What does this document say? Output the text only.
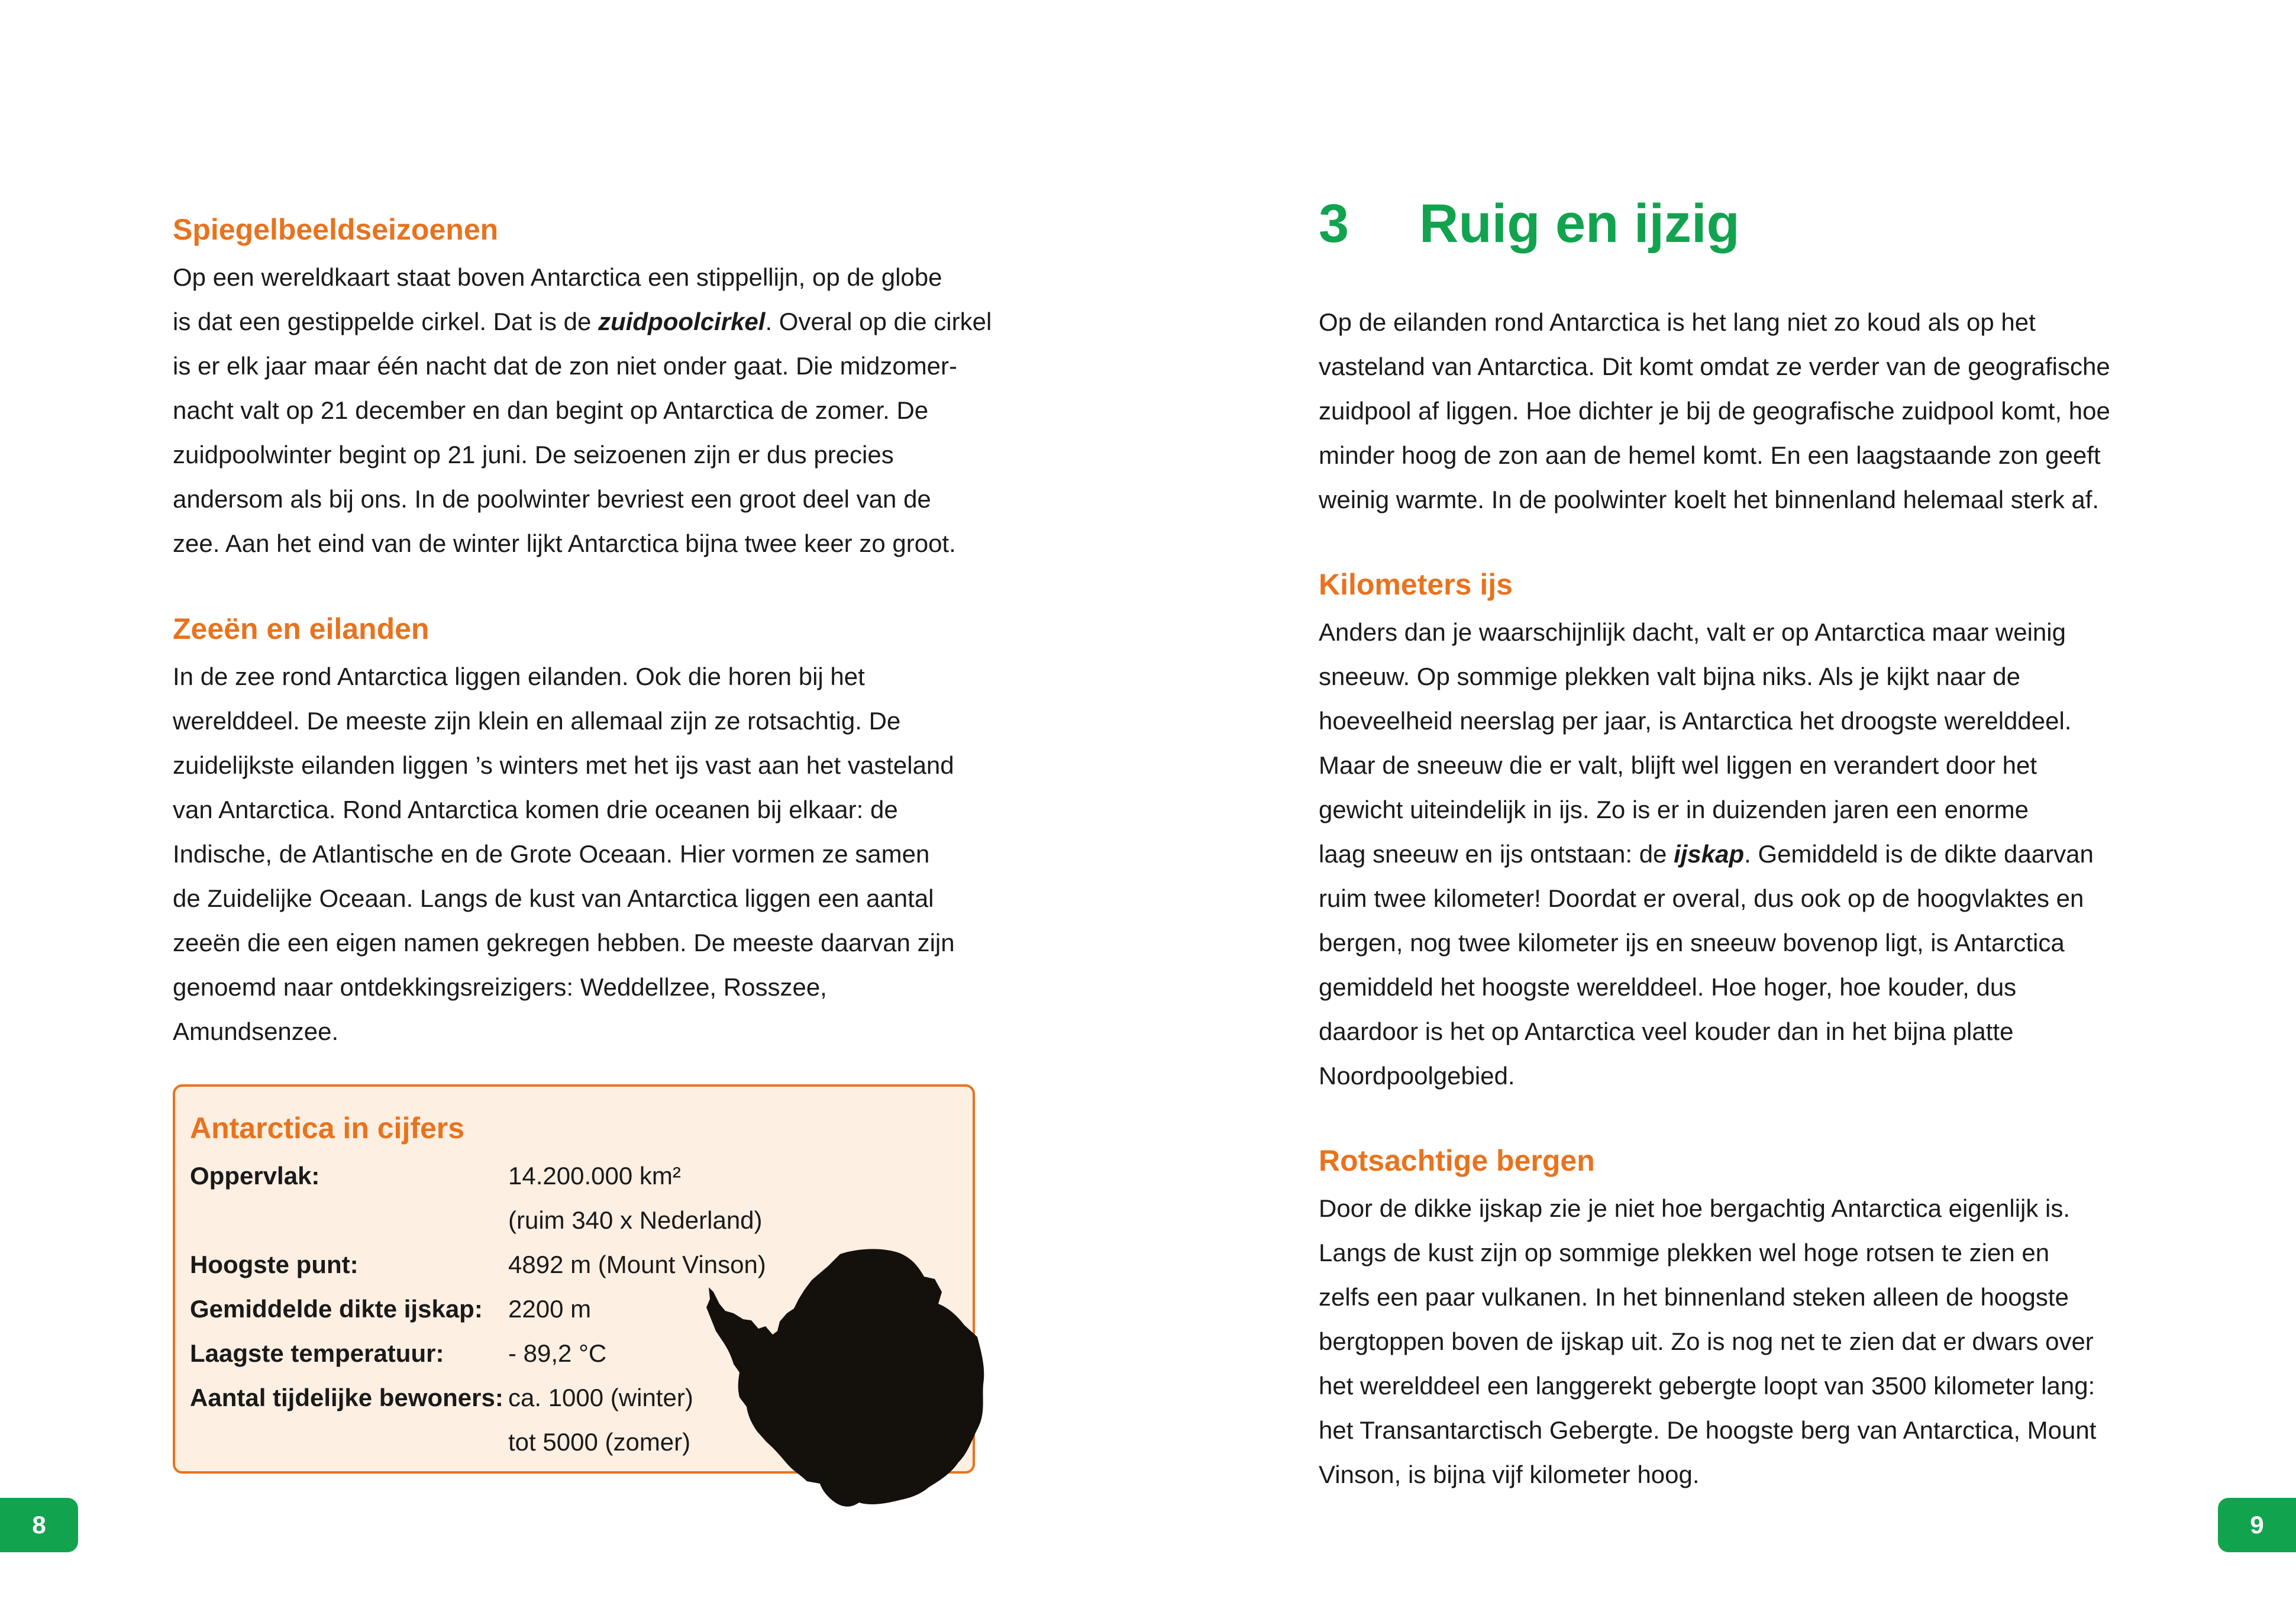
Spiegelbeeldseizoenen
Op een wereldkaart staat boven Antarctica een stippellijn, op de globe
is dat een gestippelde cirkel. Dat is de zuidpoolcirkel. Overal op die cirkel
is er elk jaar maar één nacht dat de zon niet onder gaat. Die midzomer-
nacht valt op 21 december en dan begint op Antarctica de zomer. De
zuidpoolwinter begint op 21 juni. De seizoenen zijn er dus precies
andersom als bij ons. In de poolwinter bevriest een groot deel van de
zee. Aan het eind van de winter lijkt Antarctica bijna twee keer zo groot.
Zeeën en eilanden
In de zee rond Antarctica liggen eilanden. Ook die horen bij het
werelddeel. De meeste zijn klein en allemaal zijn ze rotsachtig. De
zuidelijkste eilanden liggen ’s winters met het ijs vast aan het vasteland
van Antarctica. Rond Antarctica komen drie oceanen bij elkaar: de
Indische, de Atlantische en de Grote Oceaan. Hier vormen ze samen
de Zuidelijke Oceaan. Langs de kust van Antarctica liggen een aantal
zeeën die een eigen namen gekregen hebben. De meeste daarvan zijn
genoemd naar ontdekkingsreizigers: Weddellzee, Rosszee,
Amundsenzee.
Antarctica in cijfers
Oppervlak:	14.200.000 km²
(ruim 340 x Nederland)
Hoogste punt:	4892 m (Mount Vinson)
Gemiddelde dikte ijskap:	2200 m
Laagste temperatuur:	- 89,2 °C
Aantal tijdelijke bewoners: ca. 1000 (winter)
tot 5000 (zomer)
3 Ruig en ijzig
Op de eilanden rond Antarctica is het lang niet zo koud als op het
vasteland van Antarctica. Dit komt omdat ze verder van de geografische
zuidpool af liggen. Hoe dichter je bij de geografische zuidpool komt, hoe
minder hoog de zon aan de hemel komt. En een laagstaande zon geeft
weinig warmte. In de poolwinter koelt het binnenland helemaal sterk af.
Kilometers ijs
Anders dan je waarschijnlijk dacht, valt er op Antarctica maar weinig
sneeuw. Op sommige plekken valt bijna niks. Als je kijkt naar de
hoeveelheid neerslag per jaar, is Antarctica het droogste werelddeel.
Maar de sneeuw die er valt, blijft wel liggen en verandert door het
gewicht uiteindelijk in ijs. Zo is er in duizenden jaren een enorme
laag sneeuw en ijs ontstaan: de ijskap. Gemiddeld is de dikte daarvan
ruim twee kilometer! Doordat er overal, dus ook op de hoogvlaktes en
bergen, nog twee kilometer ijs en sneeuw bovenop ligt, is Antarctica
gemiddeld het hoogste werelddeel. Hoe hoger, hoe kouder, dus
daardoor is het op Antarctica veel kouder dan in het bijna platte
Noordpoolgebied.
Rotsachtige bergen
Door de dikke ijskap zie je niet hoe bergachtig Antarctica eigenlijk is.
Langs de kust zijn op sommige plekken wel hoge rotsen te zien en
zelfs een paar vulkanen. In het binnenland steken alleen de hoogste
bergtoppen boven de ijskap uit. Zo is nog net te zien dat er dwars over
het werelddeel een langgerekt gebergte loopt van 3500 kilometer lang:
het Transantarctisch Gebergte. De hoogste berg van Antarctica, Mount
Vinson, is bijna vijf kilometer hoog.
8	9
